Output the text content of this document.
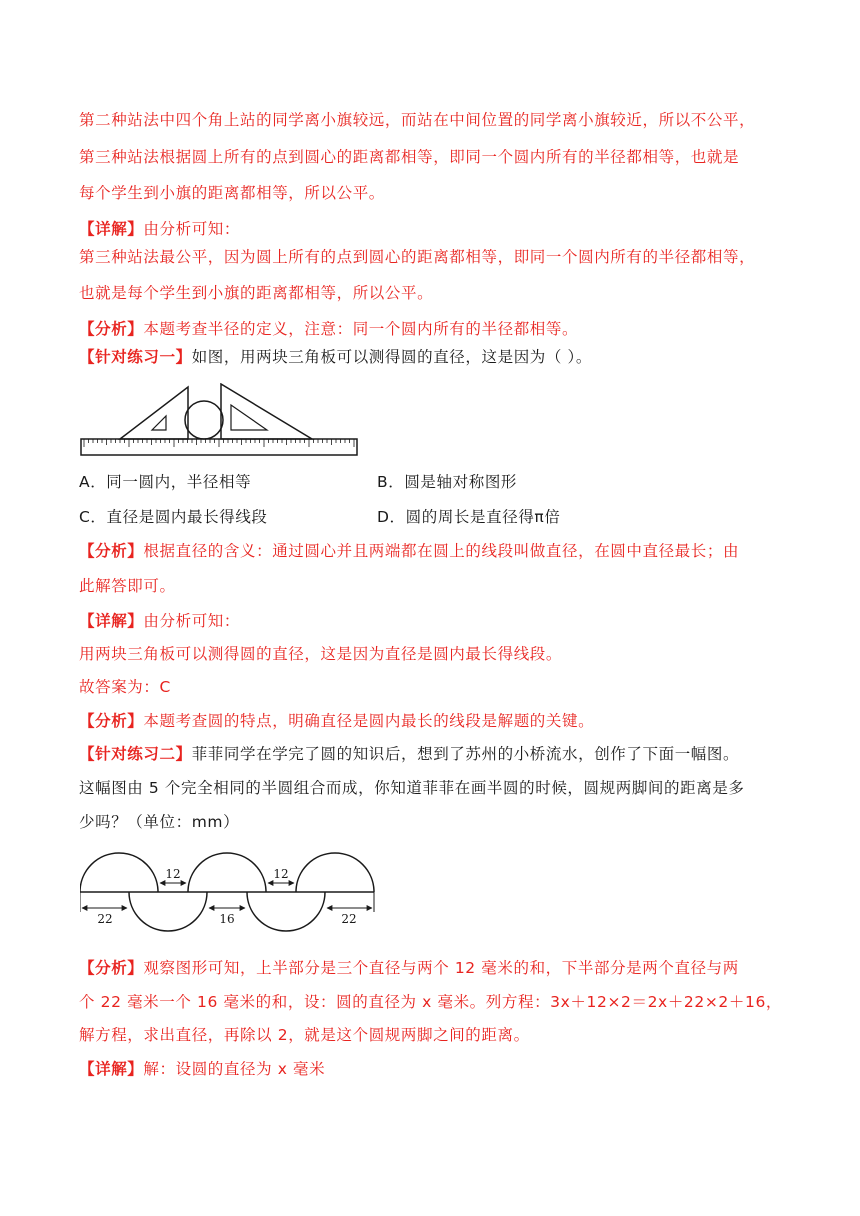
第二种站法中四个角上站的同学离小旗较远，而站在中间位置的同学离小旗较近，所以不公平，
第三种站法根据圆上所有的点到圆心的距离都相等，即同一个圆内所有的半径都相等，也就是
每个学生到小旗的距离都相等，所以公平。
【详解】由分析可知：
第三种站法最公平，因为圆上所有的点到圆心的距离都相等，即同一个圆内所有的半径都相等，
也就是每个学生到小旗的距离都相等，所以公平。
【分析】本题考查半径的定义，注意：同一个圆内所有的半径都相等。
【针对练习一】如图，用两块三角板可以测得圆的直径，这是因为（ ）。
A．同一圆内，半径相等	B．圆是轴对称图形
C．直径是圆内最长得线段	D．圆的周长是直径得π倍
【分析】根据直径的含义：通过圆心并且两端都在圆上的线段叫做直径，在圆中直径最长；由
此解答即可。
【详解】由分析可知：
用两块三角板可以测得圆的直径，这是因为直径是圆内最长得线段。
故答案为：C
【分析】本题考查圆的特点，明确直径是圆内最长的线段是解题的关键。
【针对练习二】菲菲同学在学完了圆的知识后，想到了苏州的小桥流水，创作了下面一幅图。
这幅图由 5 个完全相同的半圆组合而成，你知道菲菲在画半圆的时候，圆规两脚间的距离是多
少吗？（单位：mm）
12	12
22	16	22
【分析】观察图形可知，上半部分是三个直径与两个 12 毫米的和，下半部分是两个直径与两
个 22 毫米一个 16 毫米的和，设：圆的直径为 x 毫米。列方程：3x＋12×2＝2x＋22×2＋16，
解方程，求出直径，再除以 2，就是这个圆规两脚之间的距离。
【详解】解：设圆的直径为 x 毫米
